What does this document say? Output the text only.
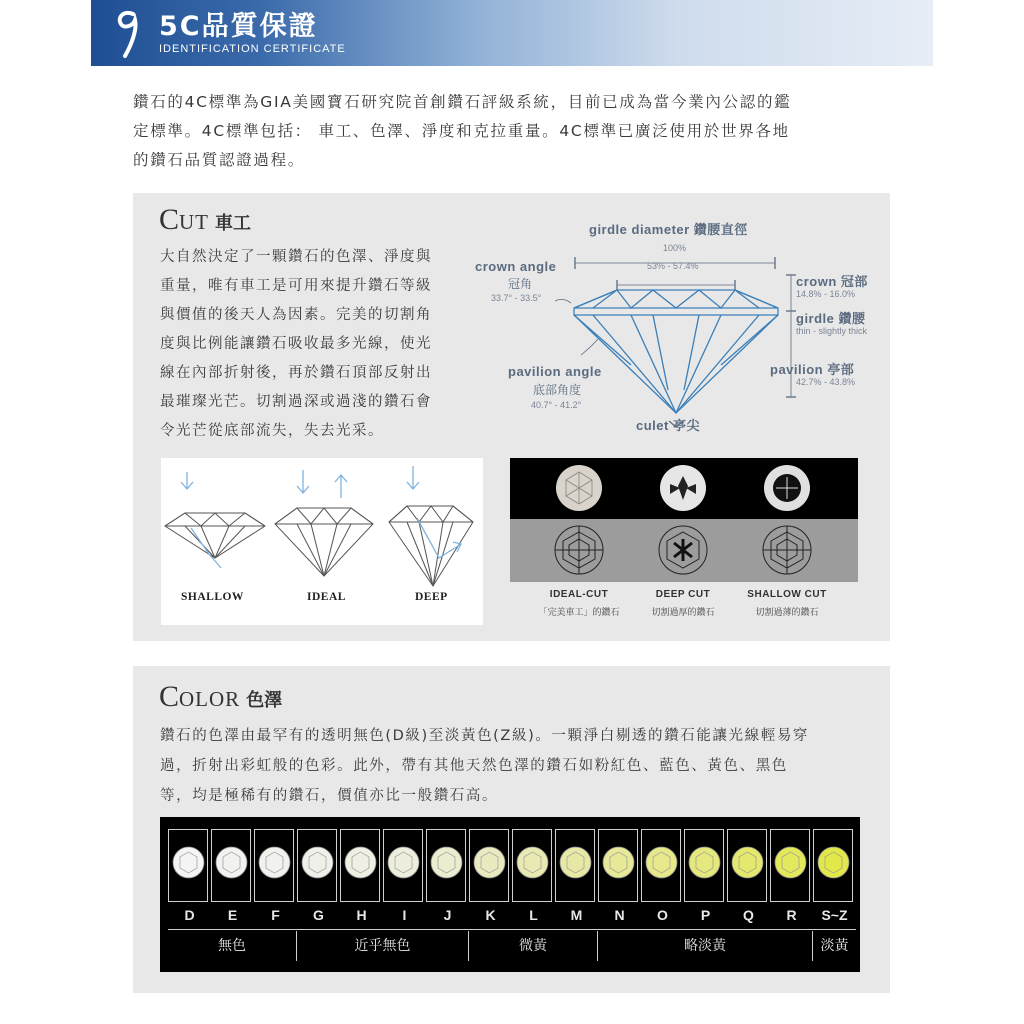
5C品質保證
IDENTIFICATION CERTIFICATE
鑽石的4C標準為GIA美國寶石研究院首創鑽石評級系統，目前已成為當今業內公認的鑑
定標準。4C標準包括： 車工、色澤、淨度和克拉重量。4C標準已廣泛使用於世界各地
的鑽石品質認證過程。
CUT 車工
大自然決定了一顆鑽石的色澤、淨度與
重量，唯有車工是可用來提升鑽石等級
與價值的後天人為因素。完美的切割角
度與比例能讓鑽石吸收最多光線，使光
線在內部折射後，再於鑽石頂部反射出
最璀璨光芒。切割過深或過淺的鑽石會
令光芒從底部流失，失去光采。
girdle diameter 鑽腰直徑
100%
53% - 57.4%
crown angle
冠角
33.7° - 33.5°
crown 冠部
14.8% - 16.0%
girdle 鑽腰
thin - slightly thick
pavilion 亭部
42.7% - 43.8%
pavilion angle
底部角度
40.7° - 41.2°
culet 亭尖
SHALLOW	IDEAL	DEEP	IDEAL-CUT
「完美車工」的鑽石
DEEP CUT
切割過厚的鑽石
SHALLOW CUT
切割過薄的鑽石
COLOR 色澤
鑽石的色澤由最罕有的透明無色(D級)至淡黃色(Z級)。一顆淨白剔透的鑽石能讓光線輕易穿
過，折射出彩虹般的色彩。此外，帶有其他天然色澤的鑽石如粉紅色、藍色、黃色、黑色
等，均是極稀有的鑽石，價值亦比一般鑽石高。
D	E	F	G	H	I	J	K	L	M	N	O	P	Q	R	S~Z
無色	近乎無色	微黃	略淡黃	淡黃
